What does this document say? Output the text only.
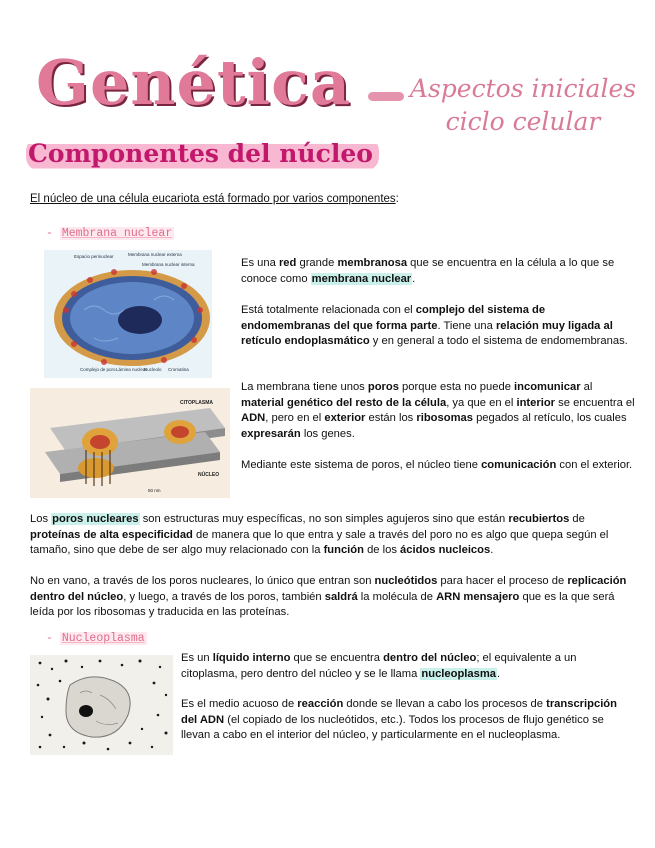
Genética Aspectos iniciales
ciclo celular
Componentes del núcleo
El núcleo de una célula eucariota está formado por varios componentes:
- Membrana nuclear
Espacio perinuclear	Membrana nuclear externa
Membrana nuclear interna
Complejo de poro Lámina nuclear
Nucleolo Cromatina
CITOPLASMA
NÚCLEO
50 nm
Es una red grande membranosa que se encuentra en la célula a lo que se conoce como membrana nuclear.
Está totalmente relacionada con el complejo del sistema de endomembranas del que forma parte. Tiene una relación muy ligada al retículo endoplasmático y en general a todo el sistema de endomembranas.
La membrana tiene unos poros porque esta no puede incomunicar al material genético del resto de la célula, ya que en el interior se encuentra el ADN, pero en el exterior están los ribosomas pegados al retículo, los cuales expresarán los genes.
Mediante este sistema de poros, el núcleo tiene comunicación con el exterior.
Los poros nucleares son estructuras muy específicas, no son simples agujeros sino que están recubiertos de proteínas de alta especificidad de manera que lo que entra y sale a través del poro no es algo que quepa según el tamaño, sino que debe de ser algo muy relacionado con la función de los ácidos nucleicos.
No en vano, a través de los poros nucleares, lo único que entran son nucleótidos para hacer el proceso de replicación dentro del núcleo, y luego, a través de los poros, también saldrá la molécula de ARN mensajero que es la que será leída por los ribosomas y traducida en las proteínas.
- Nucleoplasma
Es un líquido interno que se encuentra dentro del núcleo; el equivalente a un citoplasma, pero dentro del núcleo y se le llama nucleoplasma.
Es el medio acuoso de reacción donde se llevan a cabo los procesos de transcripción del ADN (el copiado de los nucleótidos, etc.). Todos los procesos de flujo genético se llevan a cabo en el interior del núcleo, y particularmente en el nucleoplasma.
